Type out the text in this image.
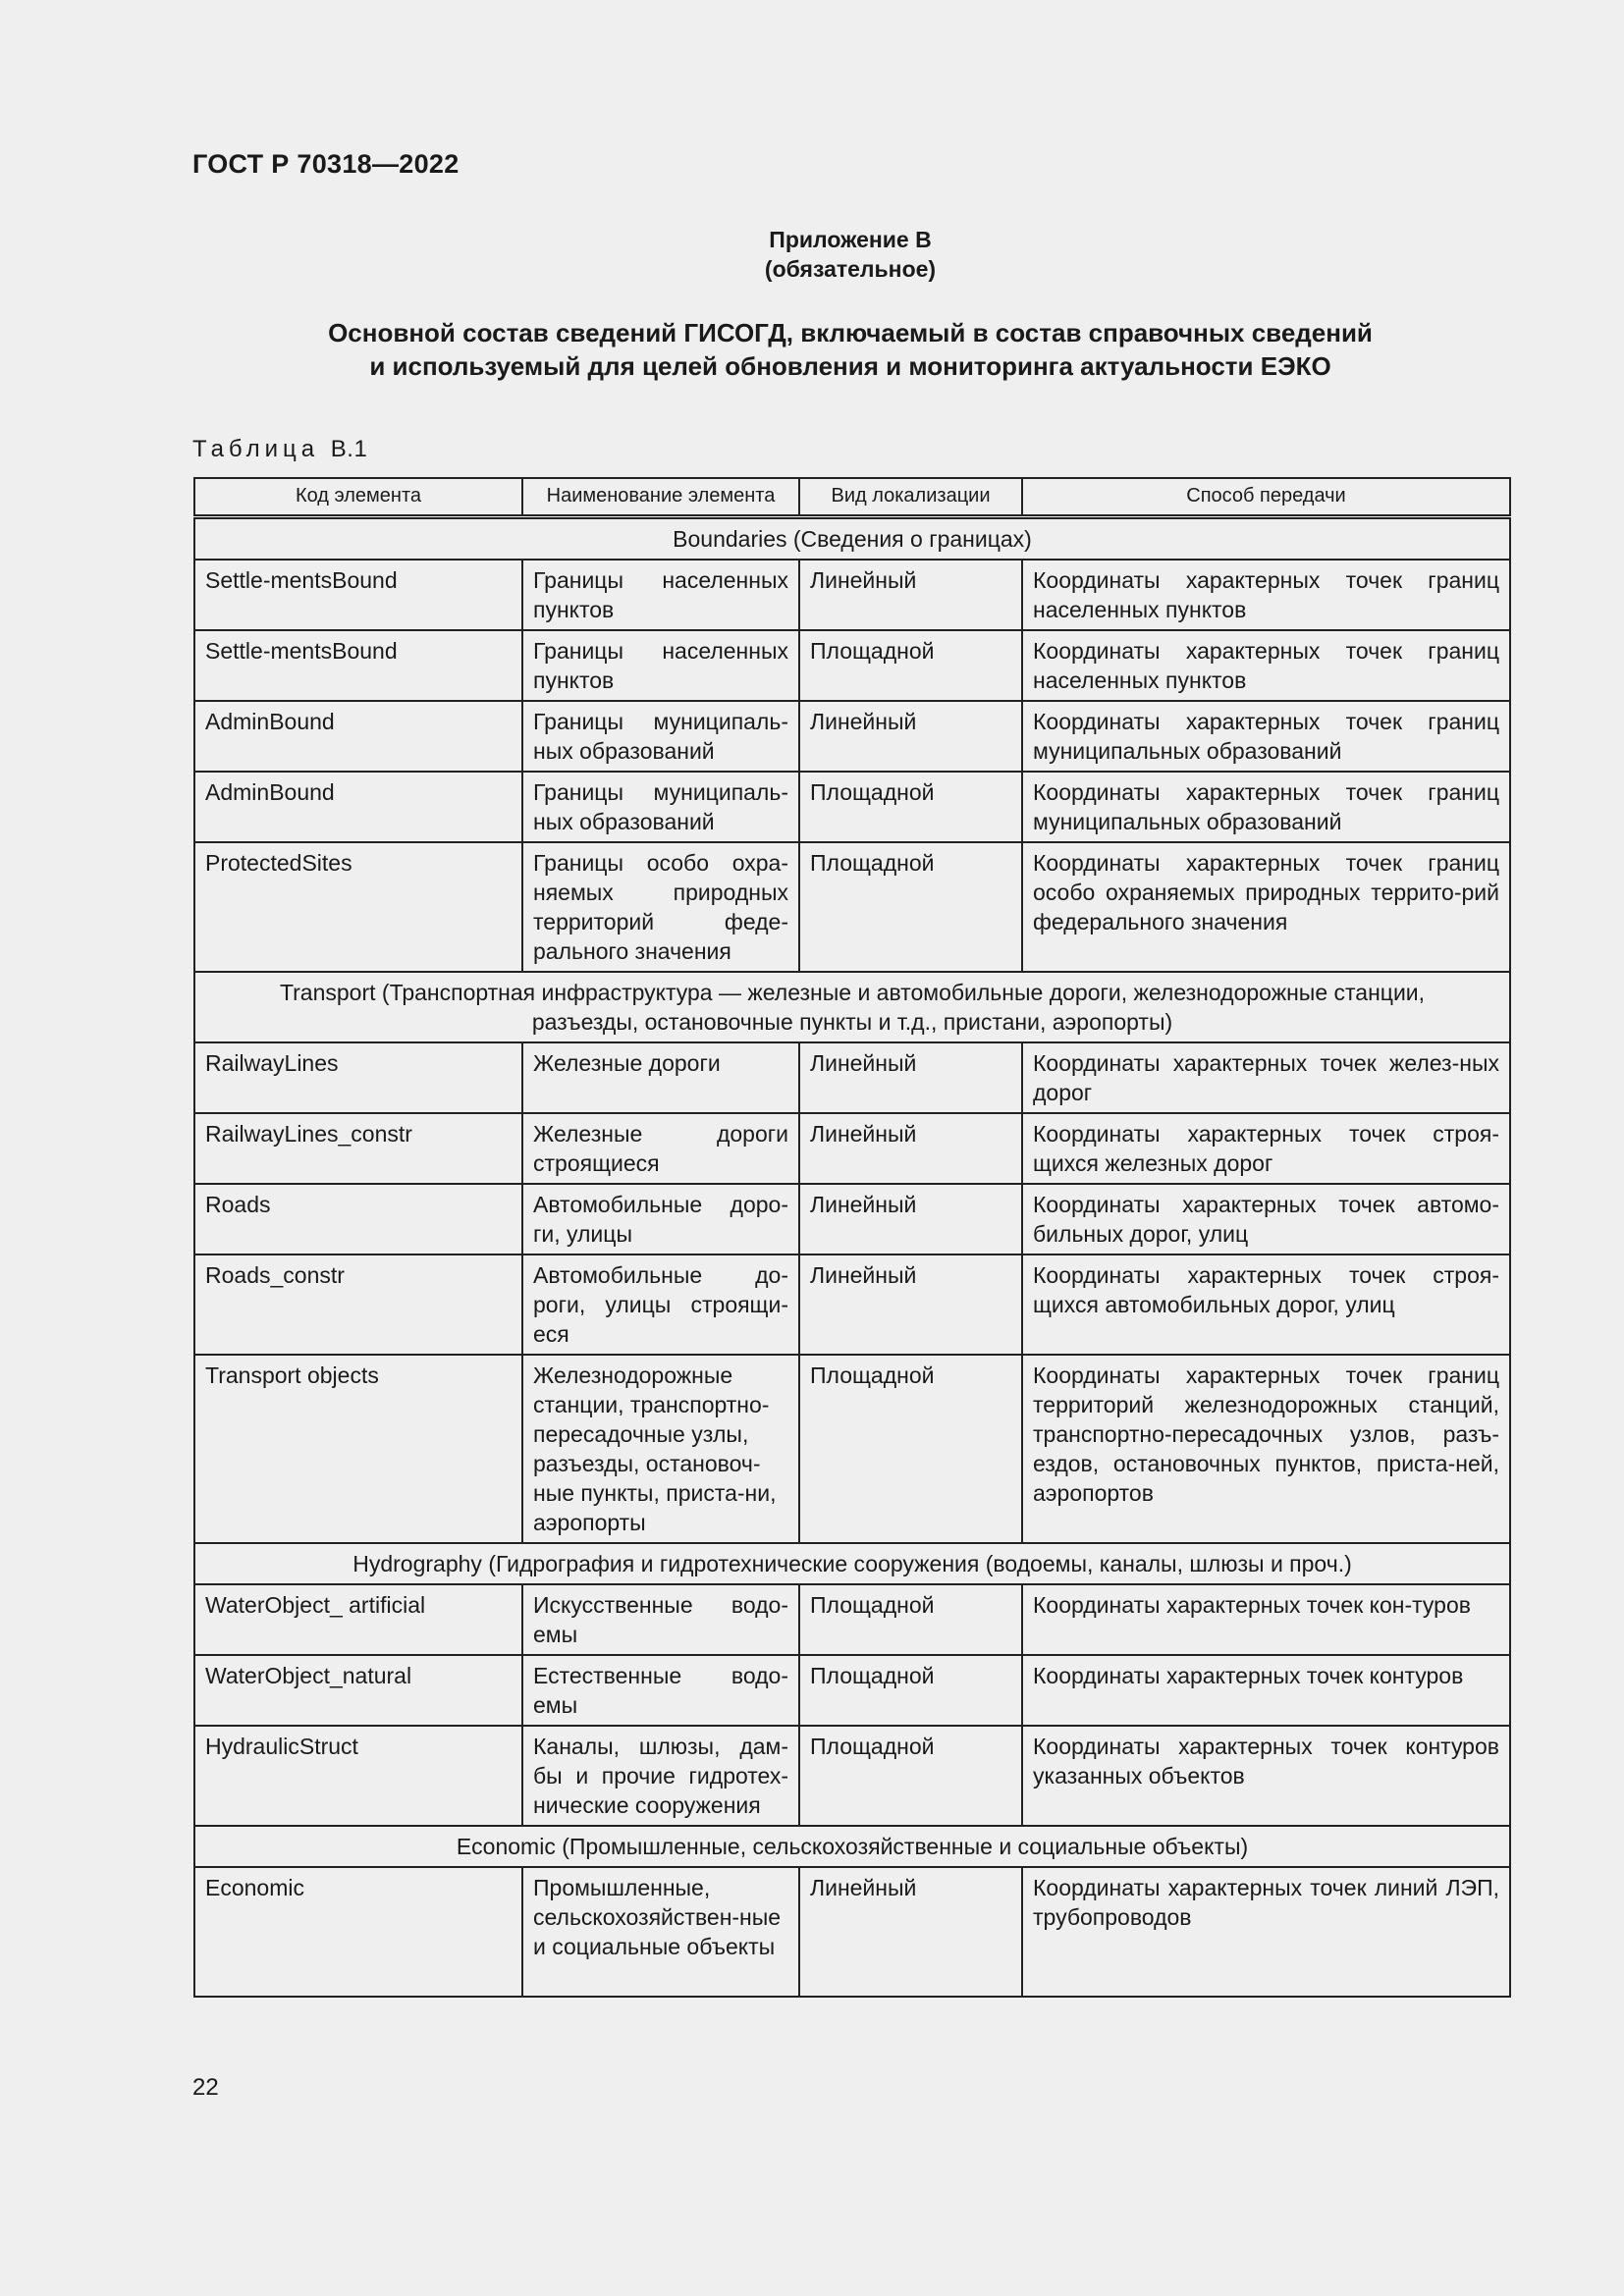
ГОСТ Р 70318—2022
Приложение В
(обязательное)
Основной состав сведений ГИСОГД, включаемый в состав справочных сведений
и используемый для целей обновления и мониторинга актуальности ЕЭКО
Таблица В.1
Код элемента	Наименование элемента	Вид локализации	Способ передачи
Boundaries (Сведения о границах)			
Settle-mentsBound	Границы населенных пунктов	Линейный	Координаты характерных точек границ населенных пунктов
Settle-mentsBound	Границы населенных пунктов	Площадной	Координаты характерных точек границ населенных пунктов
AdminBound	Границы муниципаль-ных образований	Линейный	Координаты характерных точек границ муниципальных образований
AdminBound	Границы муниципаль-ных образований	Площадной	Координаты характерных точек границ муниципальных образований
ProtectedSites	Границы особо охра-няемых природных территорий феде-рального значения	Площадной	Координаты характерных точек границ особо охраняемых природных террито-рий федерального значения
Transport (Транспортная инфраструктура — железные и автомобильные дороги, железнодорожные станции, разъезды, остановочные пункты и т.д., пристани, аэропорты)			
RailwayLines	Железные дороги	Линейный	Координаты характерных точек желез-ных дорог
RailwayLines_constr	Железные дороги строящиеся	Линейный	Координаты характерных точек строя-щихся железных дорог
Roads	Автомобильные доро-ги, улицы	Линейный	Координаты характерных точек автомо-бильных дорог, улиц
Roads_constr	Автомобильные до-роги, улицы строящи-еся	Линейный	Координаты характерных точек строя-щихся автомобильных дорог, улиц
Transport objects	Железнодорожные станции, транспортно-пересадочные узлы, разъезды, остановоч-ные пункты, приста-ни, аэропорты	Площадной	Координаты характерных точек границ территорий железнодорожных станций, транспортно-пересадочных узлов, разъ-ездов, остановочных пунктов, приста-ней, аэропортов
Hydrography (Гидрография и гидротехнические сооружения (водоемы, каналы, шлюзы и проч.)			
WaterObject_ artificial	Искусственные водо-емы	Площадной	Координаты характерных точек кон-туров
WaterObject_natural	Естественные водо-емы	Площадной	Координаты характерных точек контуров
HydraulicStruct	Каналы, шлюзы, дам-бы и прочие гидротех-нические сооружения	Площадной	Координаты характерных точек контуров указанных объектов
Economic (Промышленные, сельскохозяйственные и социальные объекты)			
Economic	Промышленные, сельскохозяйствен-ные и социальные объекты	Линейный	Координаты характерных точек линий ЛЭП, трубопроводов
22
